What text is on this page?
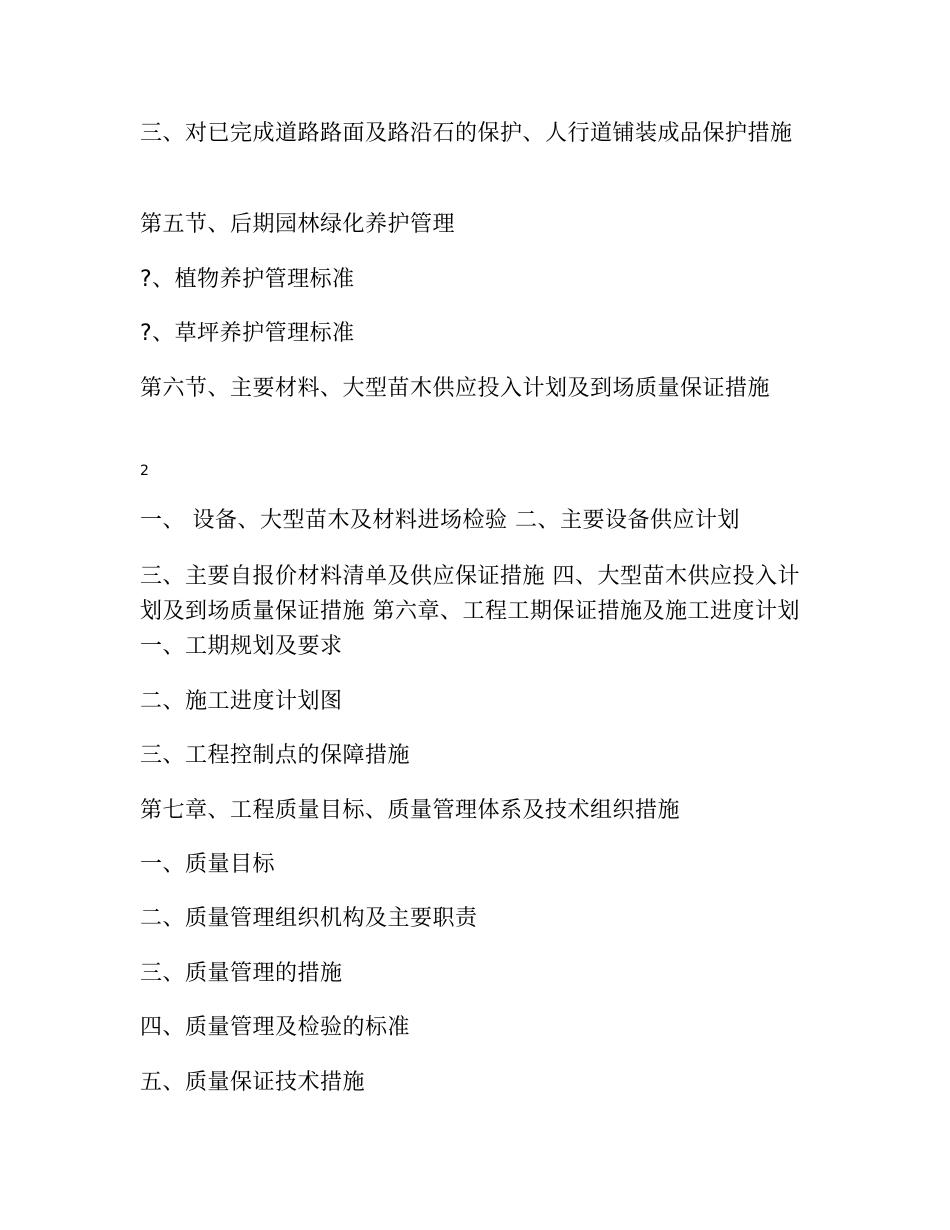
三、对已完成道路路面及路沿石的保护、人行道铺装成品保护措施
第五节、后期园林绿化养护管理
?、植物养护管理标准
?、草坪养护管理标准
第六节、主要材料、大型苗木供应投入计划及到场质量保证措施
2
一、 设备、大型苗木及材料进场检验 二、主要设备供应计划
三、主要自报价材料清单及供应保证措施 四、大型苗木供应投入计划及到场质量保证措施 第六章、工程工期保证措施及施工进度计划 一、工期规划及要求
二、施工进度计划图
三、工程控制点的保障措施
第七章、工程质量目标、质量管理体系及技术组织措施
一、质量目标
二、质量管理组织机构及主要职责
三、质量管理的措施
四、质量管理及检验的标准
五、质量保证技术措施
